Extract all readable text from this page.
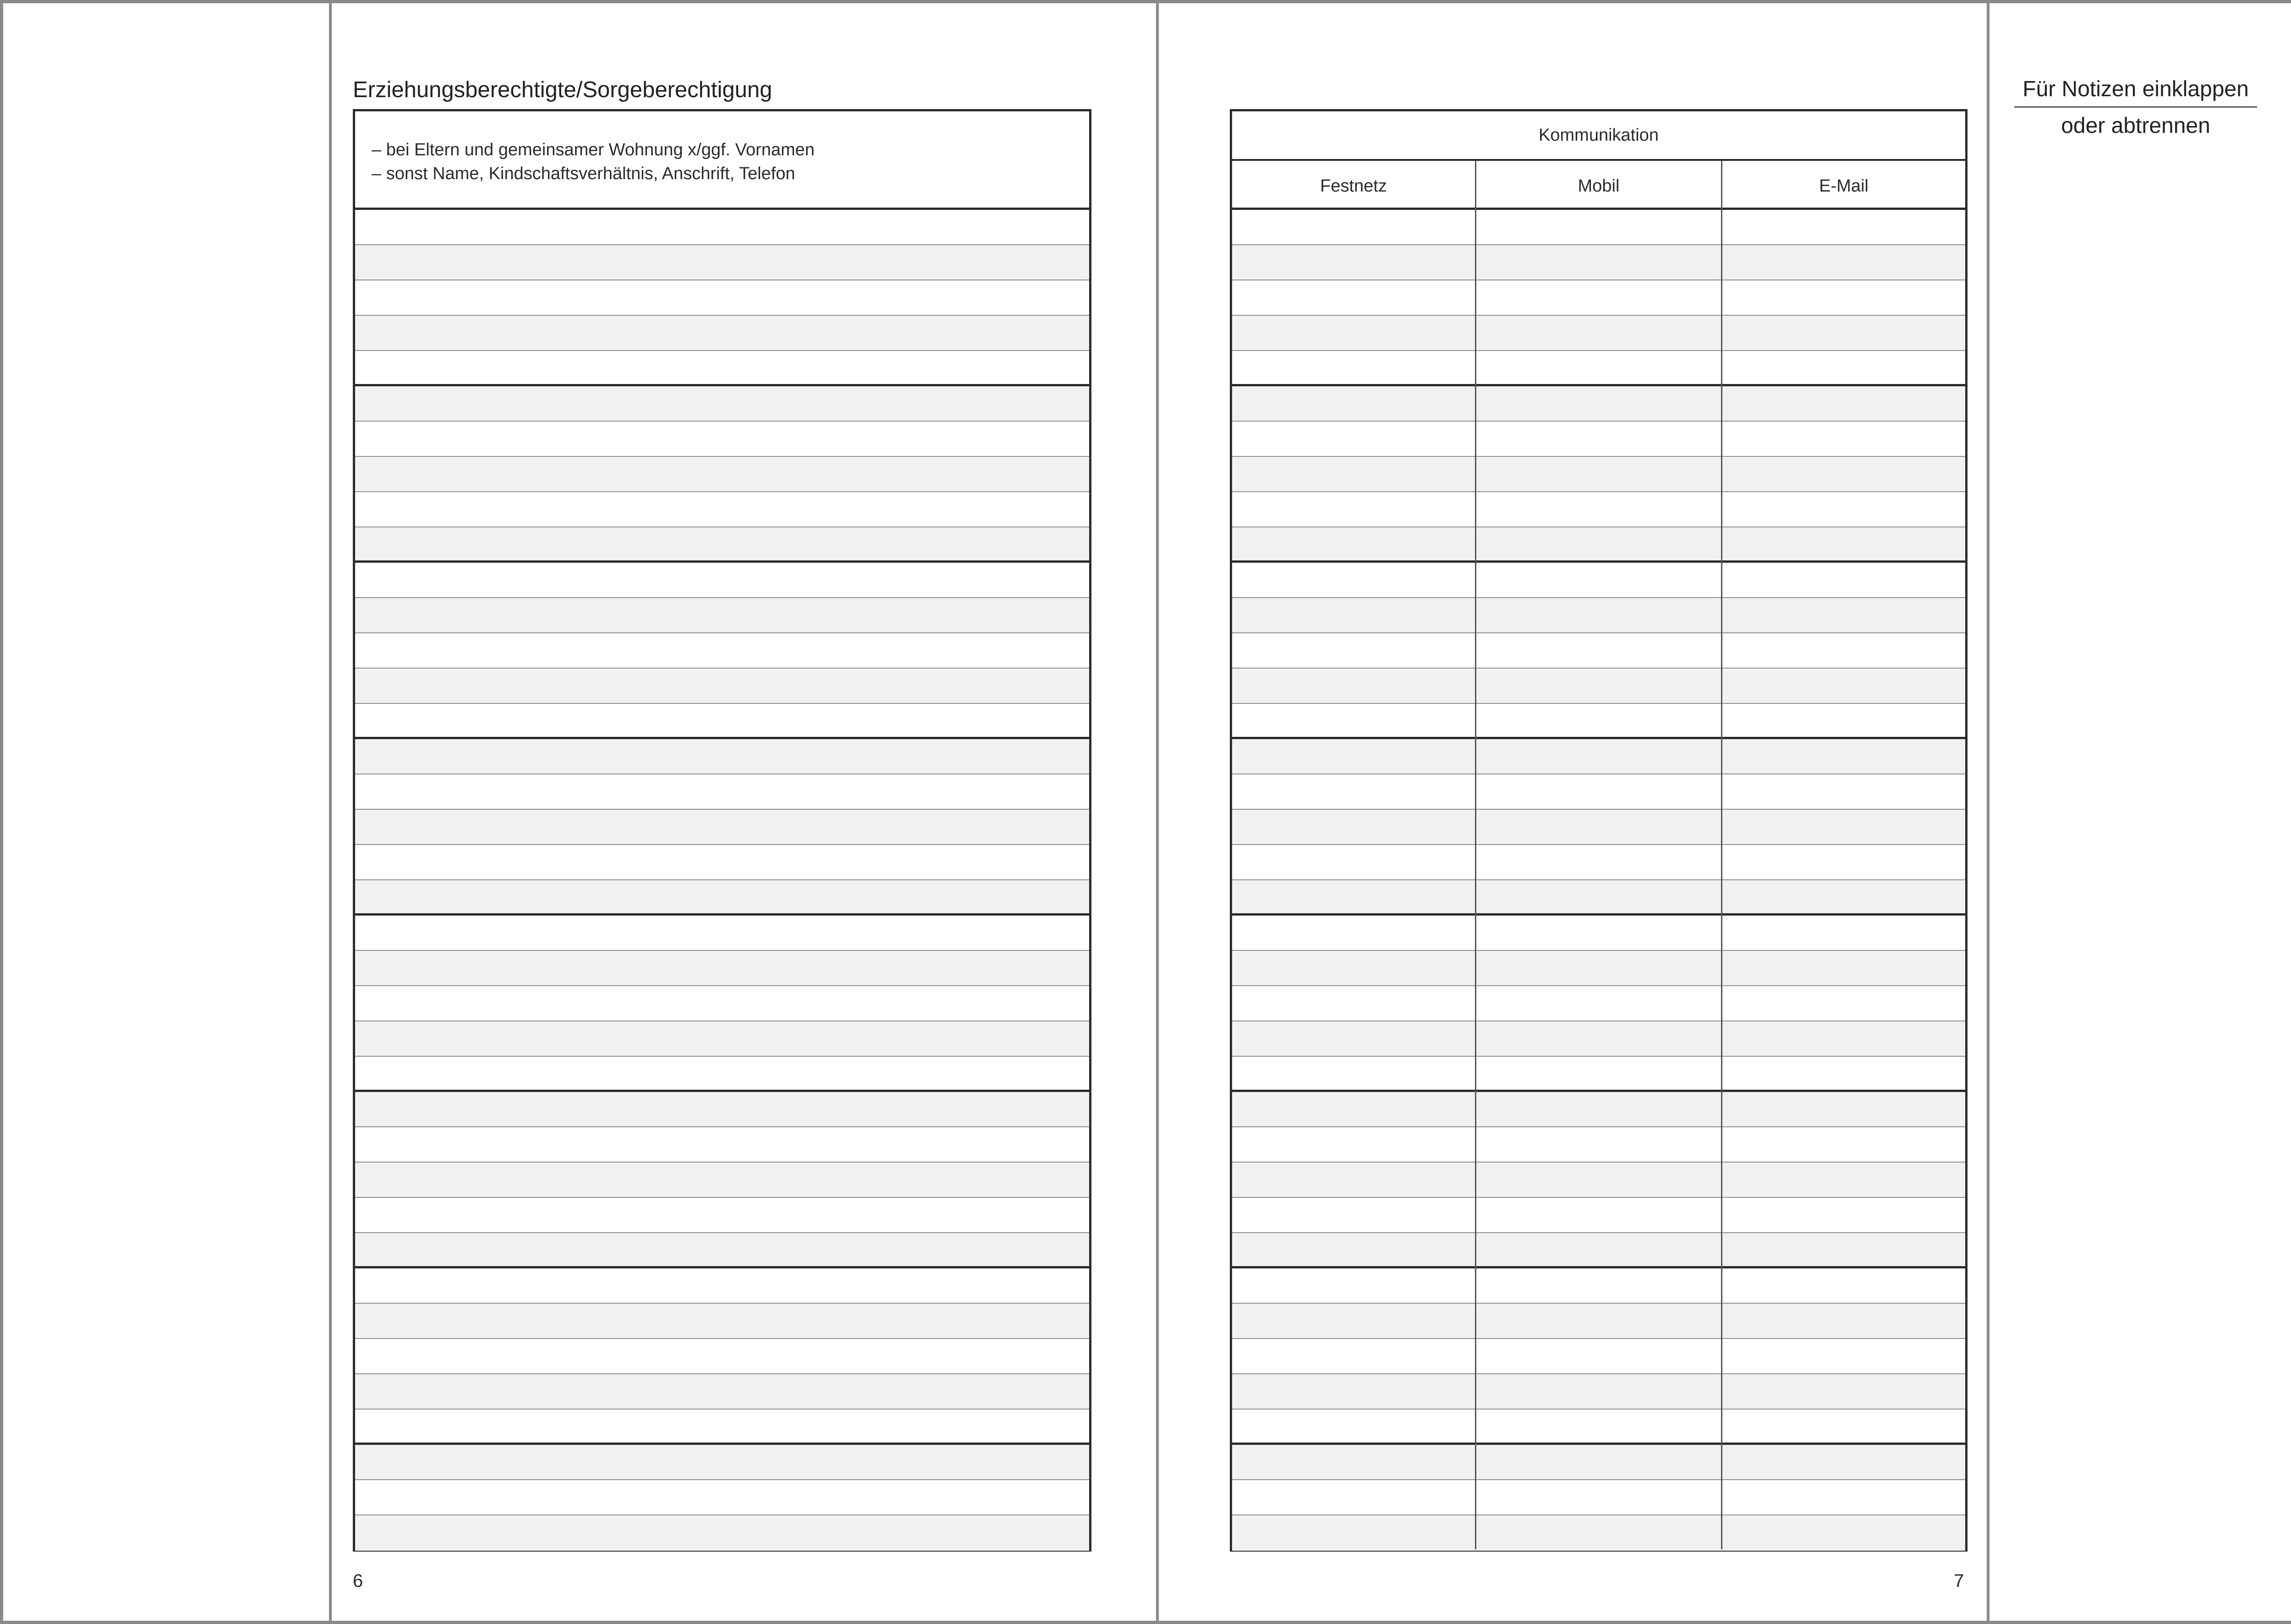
Erziehungsberechtigte/Sorgeberechtigung
– bei Eltern und gemeinsamer Wohnung x/ggf. Vornamen
– sonst Name, Kindschaftsverhältnis, Anschrift, Telefon
6
Kommunikation
Festnetz	Mobil	E-Mail
7
Für Notizen einklappen
oder abtrennen
